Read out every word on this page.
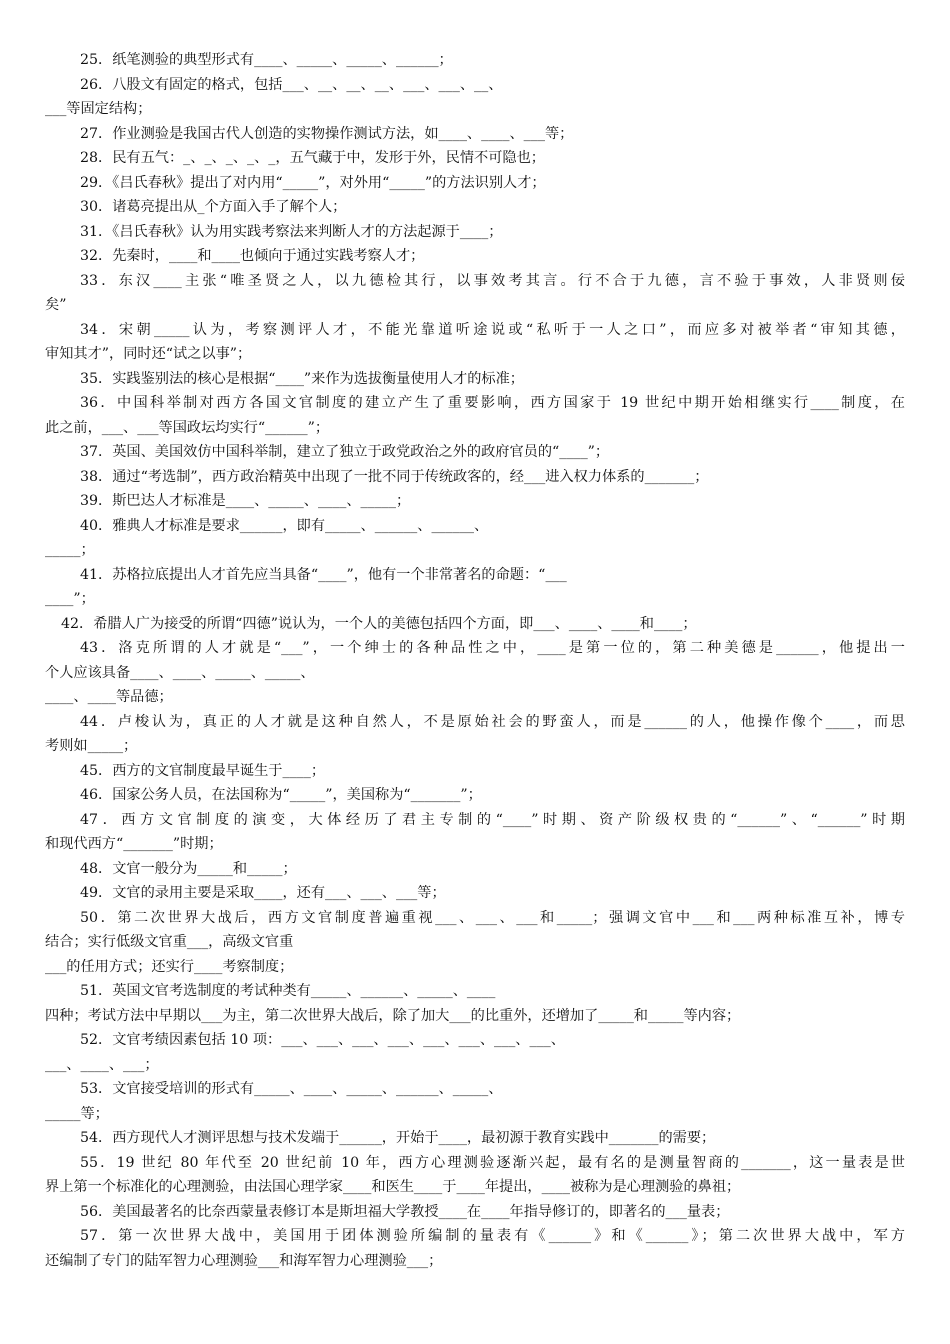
25．纸笔测验的典型形式有____、_____、_____、______；
26．八股文有固定的格式，包括___、__、__、__、___、___、__、
___等固定结构；
27．作业测验是我国古代人创造的实物操作测试方法，如____、____、___等；
28．民有五气：_、_、_、_、_，五气藏于中，发形于外，民情不可隐也；
29．《吕氏春秋》提出了对内用“_____”，对外用“_____”的方法识别人才；
30．诸葛亮提出从_个方面入手了解个人；
31．《吕氏春秋》认为用实践考察法来判断人才的方法起源于____；
32．先秦时，____和____也倾向于通过实践考察人才；
33．东汉____主张“唯圣贤之人，以九德检其行，以事效考其言。行不合于九德，言不验于事效，人非贤则佞
矣”
34．宋朝_____认为，考察测评人才，不能光靠道听途说或“私听于一人之口”，而应多对被举者“审知其德，
审知其才”，同时还“试之以事”；
35．实践鉴别法的核心是根据“____”来作为选拔衡量使用人才的标准；
36．中国科举制对西方各国文官制度的建立产生了重要影响，西方国家于 19 世纪中期开始相继实行____制度，在
此之前，___、___等国政坛均实行“______”；
37．英国、美国效仿中国科举制，建立了独立于政党政治之外的政府官员的“____”；
38．通过“考选制”，西方政治精英中出现了一批不同于传统政客的，经___进入权力体系的_______；
39．斯巴达人才标准是____、_____、____、_____；
40．雅典人才标准是要求______，即有_____、______、______、
_____；
41．苏格拉底提出人才首先应当具备“____”，他有一个非常著名的命题：“___
____”；
42．希腊人广为接受的所谓“四德”说认为，一个人的美德包括四个方面，即___、____、____和____；
43．洛克所谓的人才就是“___”，一个绅士的各种品性之中，____是第一位的，第二种美德是______，他提出一
个人应该具备____、____、_____、_____、
____、____等品德；
44．卢梭认为，真正的人才就是这种自然人，不是原始社会的野蛮人，而是______的人，他操作像个____，而思
考则如_____；
45．西方的文官制度最早诞生于____；
46．国家公务人员，在法国称为“_____”，美国称为“_______”；
47．西方文官制度的演变，大体经历了君主专制的“____”时期、资产阶级权贵的“______”、“______”时期
和现代西方“_______”时期；
48．文官一般分为_____和_____；
49．文官的录用主要是采取____，还有___、___、___等；
50．第二次世界大战后，西方文官制度普遍重视___、___、___和_____；强调文官中___和___两种标准互补，博专
结合；实行低级文官重___，高级文官重
___的任用方式；还实行____考察制度；
51．英国文官考选制度的考试种类有_____、______、_____、____
四种；考试方法中早期以___为主，第二次世界大战后，除了加大___的比重外，还增加了_____和_____等内容；
52．文官考绩因素包括 10 项：___、___、___、___、___、___、___、___、
___、____、___；
53．文官接受培训的形式有_____、____、_____、______、_____、
_____等；
54．西方现代人才测评思想与技术发端于______，开始于____，最初源于教育实践中_______的需要；
55．19 世纪 80 年代至 20 世纪前 10 年，西方心理测验逐渐兴起，最有名的是测量智商的_______，这一量表是世
界上第一个标准化的心理测验，由法国心理学家____和医生____于____年提出，____被称为是心理测验的鼻祖；
56．美国最著名的比奈西蒙量表修订本是斯坦福大学教授____在____年指导修订的，即著名的___量表；
57．第一次世界大战中，美国用于团体测验所编制的量表有《______》和《______》；第二次世界大战中，军方
还编制了专门的陆军智力心理测验___和海军智力心理测验___；
